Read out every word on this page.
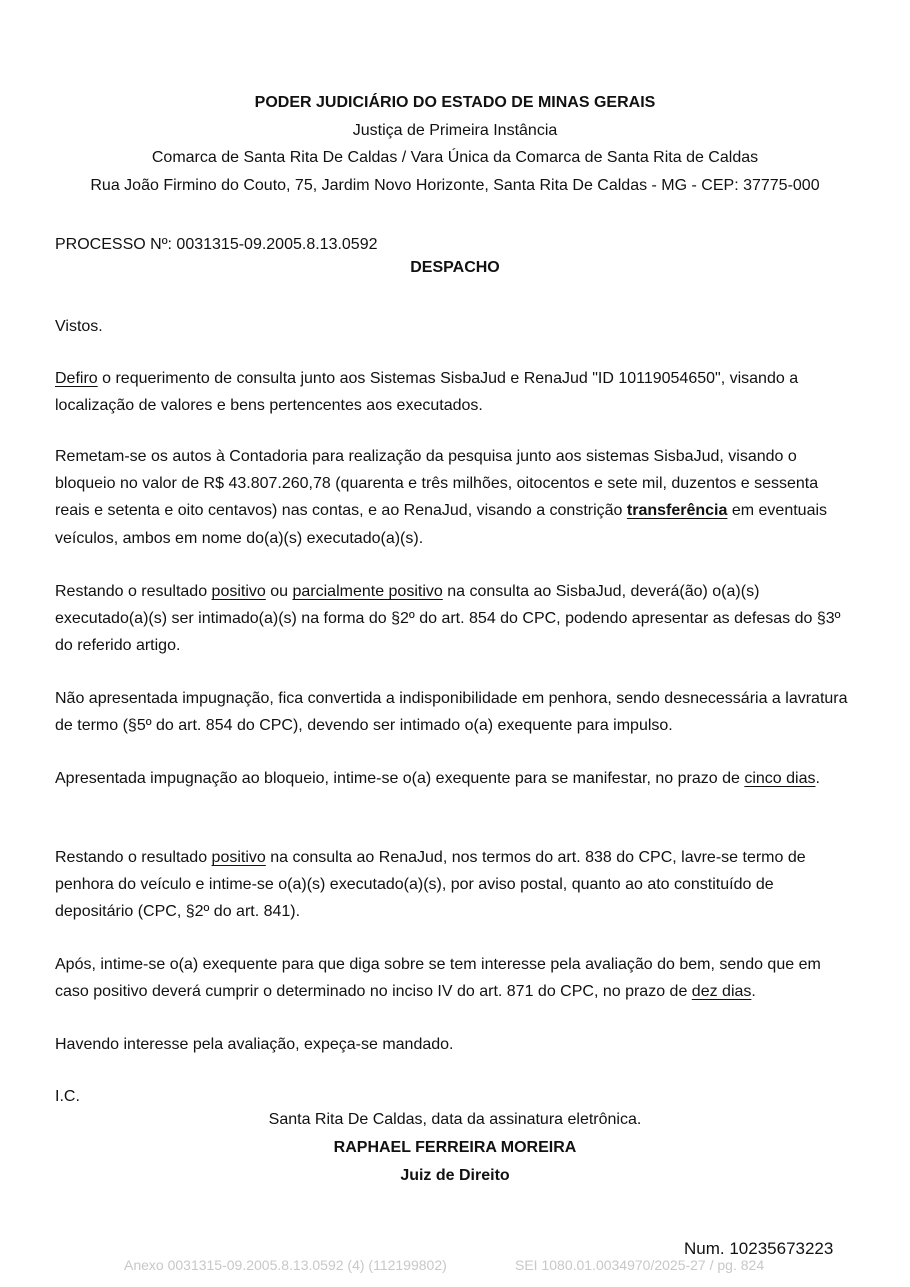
PODER JUDICIÁRIO DO ESTADO DE MINAS GERAIS
Justiça de Primeira Instância
Comarca de Santa Rita De Caldas / Vara Única da Comarca de Santa Rita de Caldas
Rua João Firmino do Couto, 75, Jardim Novo Horizonte, Santa Rita De Caldas - MG - CEP: 37775-000
PROCESSO Nº: 0031315-09.2005.8.13.0592
DESPACHO
Vistos.
Defiro o requerimento de consulta junto aos Sistemas SisbaJud e RenaJud "ID 10119054650", visando a localização de valores e bens pertencentes aos executados.
Remetam-se os autos à Contadoria para realização da pesquisa junto aos sistemas SisbaJud, visando o bloqueio no valor de R$ 43.807.260,78 (quarenta e três milhões, oitocentos e sete mil, duzentos e sessenta reais e setenta e oito centavos) nas contas, e ao RenaJud, visando a constrição transferência em eventuais veículos, ambos em nome do(a)(s) executado(a)(s).
Restando o resultado positivo ou parcialmente positivo na consulta ao SisbaJud, deverá(ão) o(a)(s) executado(a)(s) ser intimado(a)(s) na forma do §2º do art. 854 do CPC, podendo apresentar as defesas do §3º do referido artigo.
Não apresentada impugnação, fica convertida a indisponibilidade em penhora, sendo desnecessária a lavratura de termo (§5º do art. 854 do CPC), devendo ser intimado o(a) exequente para impulso.
Apresentada impugnação ao bloqueio, intime-se o(a) exequente para se manifestar, no prazo de cinco dias.
Restando o resultado positivo na consulta ao RenaJud, nos termos do art. 838 do CPC, lavre-se termo de penhora do veículo e intime-se o(a)(s) executado(a)(s), por aviso postal, quanto ao ato constituído de depositário (CPC, §2º do art. 841).
Após, intime-se o(a) exequente para que diga sobre se tem interesse pela avaliação do bem, sendo que em caso positivo deverá cumprir o determinado no inciso IV do art. 871 do CPC, no prazo de dez dias.
Havendo interesse pela avaliação, expeça-se mandado.
I.C.
Santa Rita De Caldas, data da assinatura eletrônica.
RAPHAEL FERREIRA MOREIRA
Juiz de Direito
Num. 10235673223
Anexo 0031315-09.2005.8.13.0592 (4) (112199802)	SEI 1080.01.0034970/2025-27 / pg. 824
